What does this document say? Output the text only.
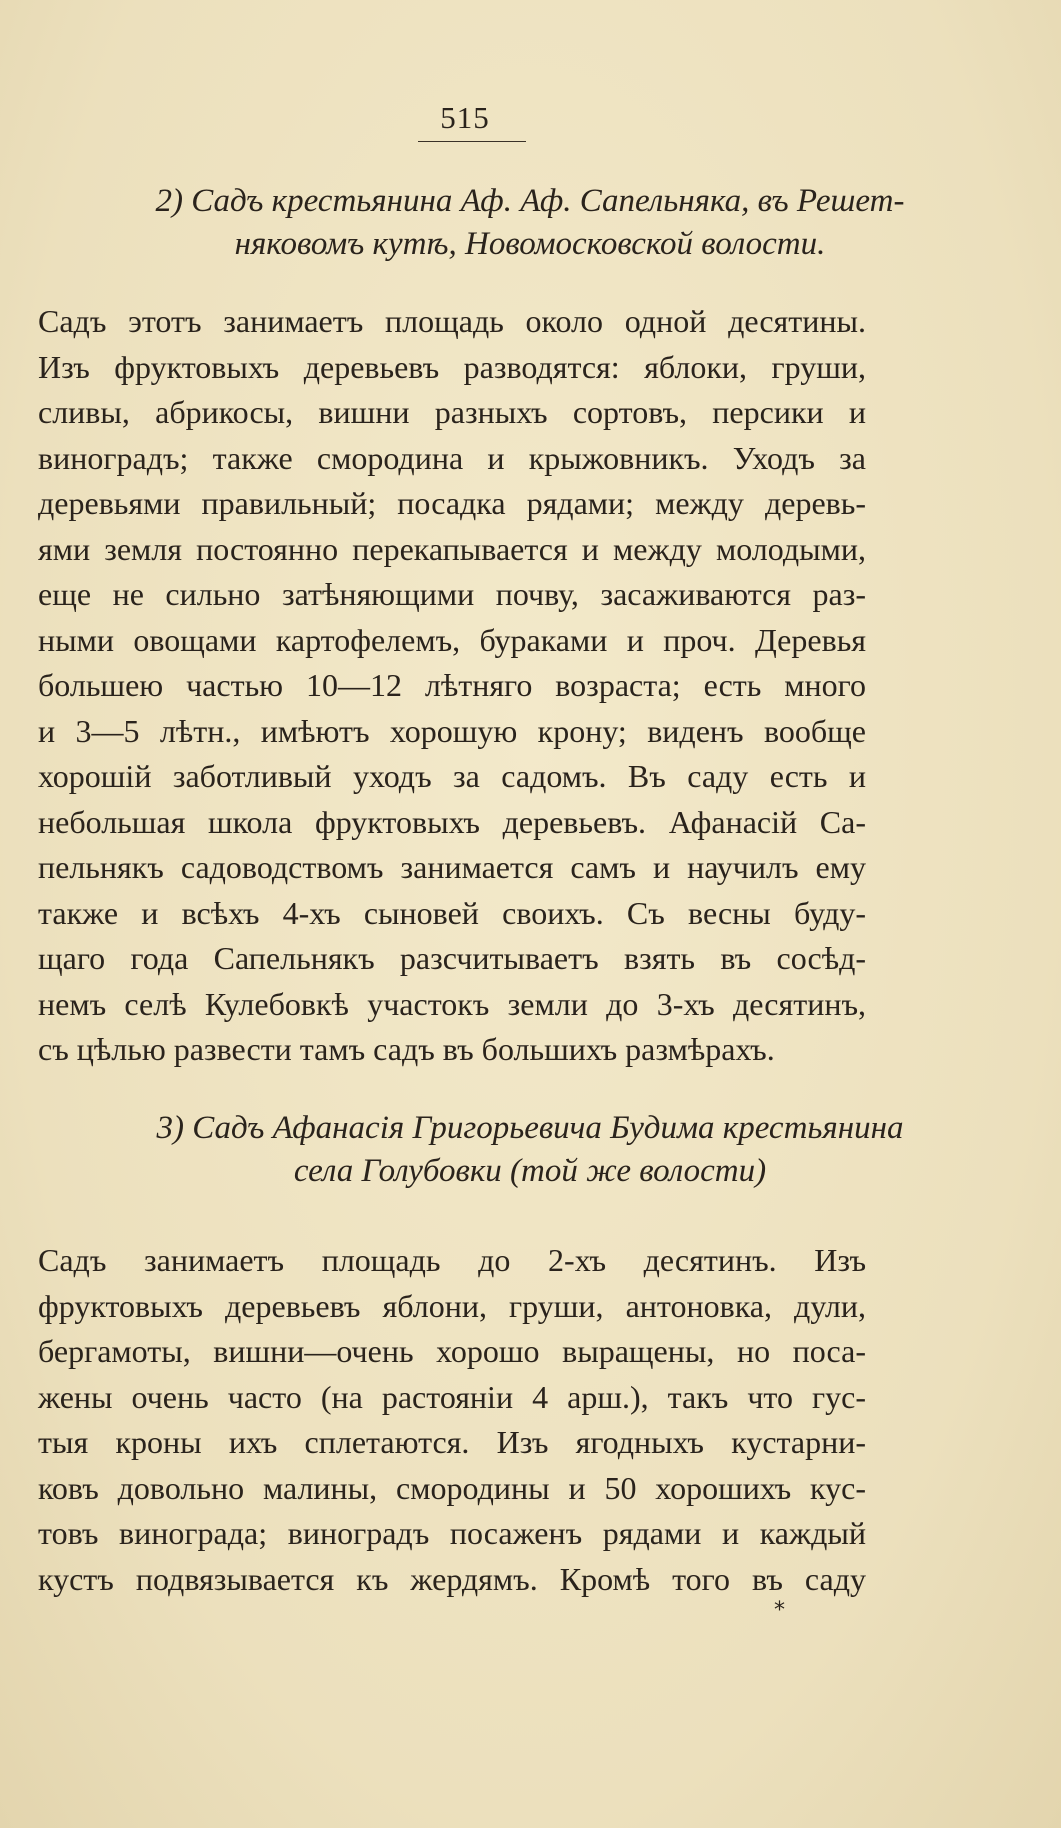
515
2) Садъ крестьянина Аф. Аф. Сапельняка, въ Решет-
няковомъ кутѣ, Новомосковской волости.
Садъ этотъ занимаетъ площадь около одной десятины.
Изъ фруктовыхъ деревьевъ разводятся: яблоки, груши,
сливы, абрикосы, вишни разныхъ сортовъ, персики и
виноградъ; также смородина и крыжовникъ. Уходъ за
деревьями правильный; посадка рядами; между деревь-
ями земля постоянно перекапывается и между молодыми,
еще не сильно затѣняющими почву, засаживаются раз-
ными овощами картофелемъ, бураками и проч. Деревья
большею частью 10—12 лѣтняго возраста; есть много
и 3—5 лѣтн., имѣютъ хорошую крону; виденъ вообще
хорошій заботливый уходъ за садомъ. Въ саду есть и
небольшая школа фруктовыхъ деревьевъ. Афанасій Са-
пельнякъ садоводствомъ занимается самъ и научилъ ему
также и всѣхъ 4-хъ сыновей своихъ. Съ весны буду-
щаго года Сапельнякъ разсчитываетъ взять въ сосѣд-
немъ селѣ Кулебовкѣ участокъ земли до 3-хъ десятинъ,
съ цѣлью развести тамъ садъ въ большихъ размѣрахъ.
3) Садъ Афанасія Григорьевича Будима крестьянина
села Голубовки (той же волости)
Садъ занимаетъ площадь до 2-хъ десятинъ. Изъ
фруктовыхъ деревьевъ яблони, груши, антоновка, дули,
бергамоты, вишни—очень хорошо выращены, но поса-
жены очень часто (на растояніи 4 арш.), такъ что гус-
тыя кроны ихъ сплетаются. Изъ ягодныхъ кустарни-
ковъ довольно малины, смородины и 50 хорошихъ кус-
товъ винограда; виноградъ посаженъ рядами и каждый
кустъ подвязывается къ жердямъ. Кромѣ того въ саду
*
